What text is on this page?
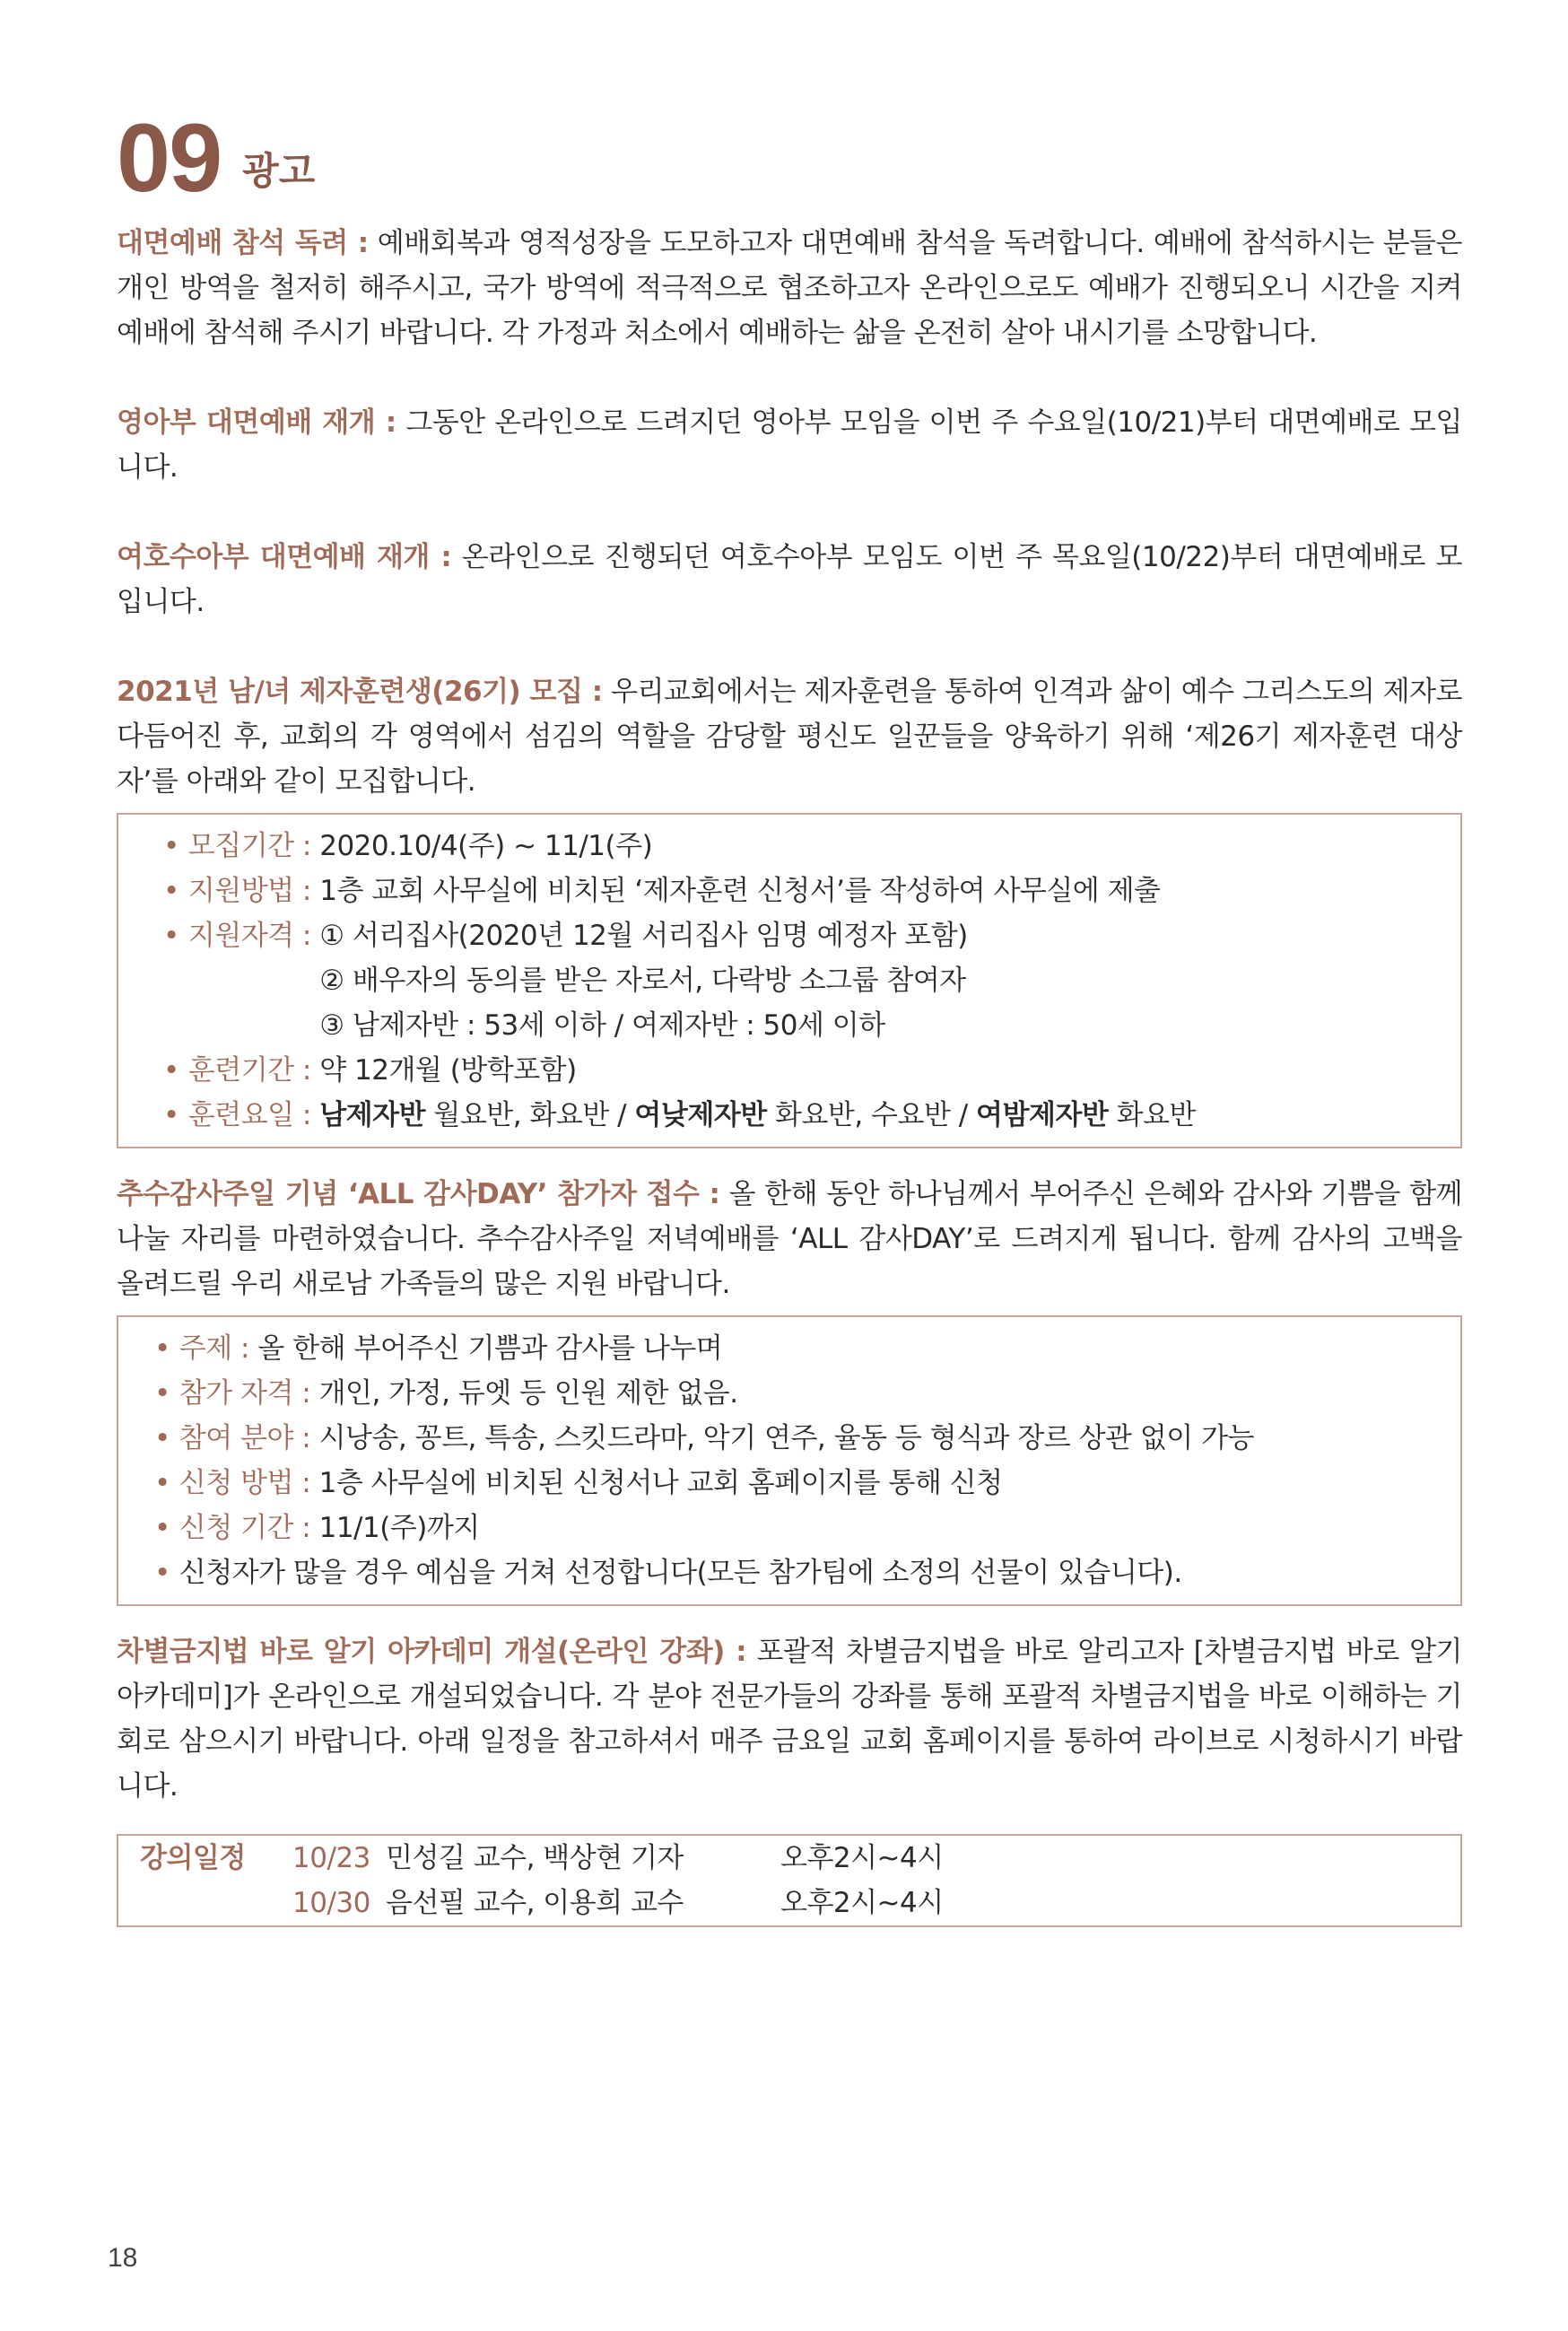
09 광고

대면예배 참석 독려 : 예배회복과 영적성장을 도모하고자 대면예배 참석을 독려합니다. 예배에 참석하시는 분들은 개인 방역을 철저히 해주시고, 국가 방역에 적극적으로 협조하고자 온라인으로도 예배가 진행되오니 시간을 지켜 예배에 참석해 주시기 바랍니다. 각 가정과 처소에서 예배하는 삶을 온전히 살아 내시기를 소망합니다.

영아부 대면예배 재개 : 그동안 온라인으로 드려지던 영아부 모임을 이번 주 수요일(10/21)부터 대면예배로 모입니다.

여호수아부 대면예배 재개 : 온라인으로 진행되던 여호수아부 모임도 이번 주 목요일(10/22)부터 대면예배로 모입니다.

2021년 남/녀 제자훈련생(26기) 모집 : 우리교회에서는 제자훈련을 통하여 인격과 삶이 예수 그리스도의 제자로 다듬어진 후, 교회의 각 영역에서 섬김의 역할을 감당할 평신도 일꾼들을 양육하기 위해 ‘제26기 제자훈련 대상자’를 아래와 같이 모집합니다.

• 모집기간 : 2020.10/4(주) ~ 11/1(주)
• 지원방법 : 1층 교회 사무실에 비치된 ‘제자훈련 신청서’를 작성하여 사무실에 제출
• 지원자격 : ① 서리집사(2020년 12월 서리집사 임명 예정자 포함)
② 배우자의 동의를 받은 자로서, 다락방 소그룹 참여자
③ 남제자반 : 53세 이하 / 여제자반 : 50세 이하
• 훈련기간 : 약 12개월 (방학포함)
• 훈련요일 : 남제자반 월요반, 화요반 / 여낮제자반 화요반, 수요반 / 여밤제자반 화요반

추수감사주일 기념 ‘ALL 감사DAY’ 참가자 접수 : 올 한해 동안 하나님께서 부어주신 은혜와 감사와 기쁨을 함께 나눌 자리를 마련하였습니다. 추수감사주일 저녁예배를 ‘ALL 감사DAY’로 드려지게 됩니다. 함께 감사의 고백을 올려드릴 우리 새로남 가족들의 많은 지원 바랍니다.

• 주제 : 올 한해 부어주신 기쁨과 감사를 나누며
• 참가 자격 : 개인, 가정, 듀엣 등 인원 제한 없음.
• 참여 분야 : 시낭송, 꽁트, 특송, 스킷드라마, 악기 연주, 율동 등 형식과 장르 상관 없이 가능
• 신청 방법 : 1층 사무실에 비치된 신청서나 교회 홈페이지를 통해 신청
• 신청 기간 : 11/1(주)까지
• 신청자가 많을 경우 예심을 거쳐 선정합니다(모든 참가팀에 소정의 선물이 있습니다).

차별금지법 바로 알기 아카데미 개설(온라인 강좌) : 포괄적 차별금지법을 바로 알리고자 [차별금지법 바로 알기 아카데미]가 온라인으로 개설되었습니다. 각 분야 전문가들의 강좌를 통해 포괄적 차별금지법을 바로 이해하는 기회로 삼으시기 바랍니다. 아래 일정을 참고하셔서 매주 금요일 교회 홈페이지를 통하여 라이브로 시청하시기 바랍니다.

강의일정	10/23 민성길 교수, 백상현 기자	오후2시~4시
10/30 음선필 교수, 이용희 교수	오후2시~4시
18
